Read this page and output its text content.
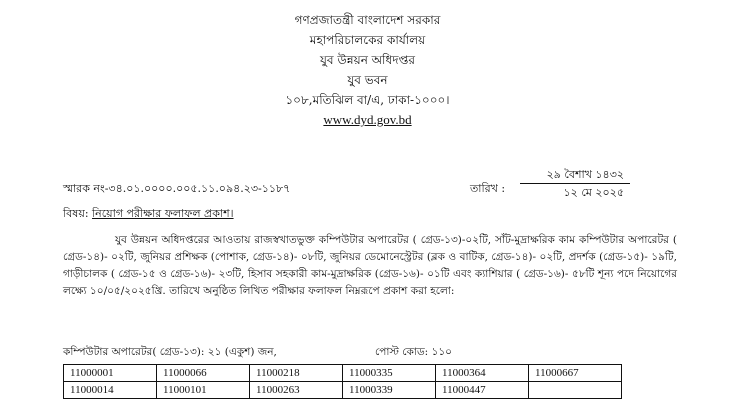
গণপ্রজাতন্ত্রী বাংলাদেশ সরকার
মহাপরিচালকের কার্যালয়
যুব উন্নয়ন অধিদপ্তর
যুব ভবন
১০৮,মতিঝিল বা/এ, ঢাকা-১০০০।
www.dyd.gov.bd
স্মারক নং-৩৪.০১.০০০০.০০৫.১১.০৯৪.২৩-১১৮৭	তারিখ :
২৯ বৈশাখ ১৪৩২
১২ মে ২০২৫
বিষয়: নিয়োগ পরীক্ষার ফলাফল প্রকাশ।
যুব উন্নয়ন অধিদপ্তরের আওতায় রাজস্বখাতভুক্ত কম্পিউটার অপারেটর ( গ্রেড-১৩)-০২টি, সাঁট-মুদ্রাক্ষরিক কাম কম্পিউটার অপারেটর ( গ্রেড-১৪)- ০২টি, জুনিয়র প্রশিক্ষক (পোশাক, গ্রেড-১৪)- ০৮টি, জুনিয়র ডেমোনেস্ট্রেটর (ব্লক ও বাটিক, গ্রেড-১৪)- ০২টি, প্রদর্শক (গ্রেড-১৫)- ১৯টি, গাড়ীচালক ( গ্রেড-১৫ ও গ্রেড-১৬)- ২৩টি, হিসাব সহকারী কাম-মুদ্রাক্ষরিক (গ্রেড-১৬)- ০১টি এবং ক্যাশিয়ার ( গ্রেড-১৬)- ৫৮টি শূন্য পদে নিয়োগের লক্ষ্যে ১০/০৫/২০২৫খ্রি. তারিখে অনুষ্ঠিত লিখিত পরীক্ষার ফলাফল নিম্নরূপে প্রকাশ করা হলো:
কম্পিউটার অপারেটর( গ্রেড-১৩): ২১ (একুশ) জন,	পোস্ট কোড: ১১০
11000001	11000066	11000218	11000335	11000364	11000667
11000014	11000101	11000263	11000339	11000447	
